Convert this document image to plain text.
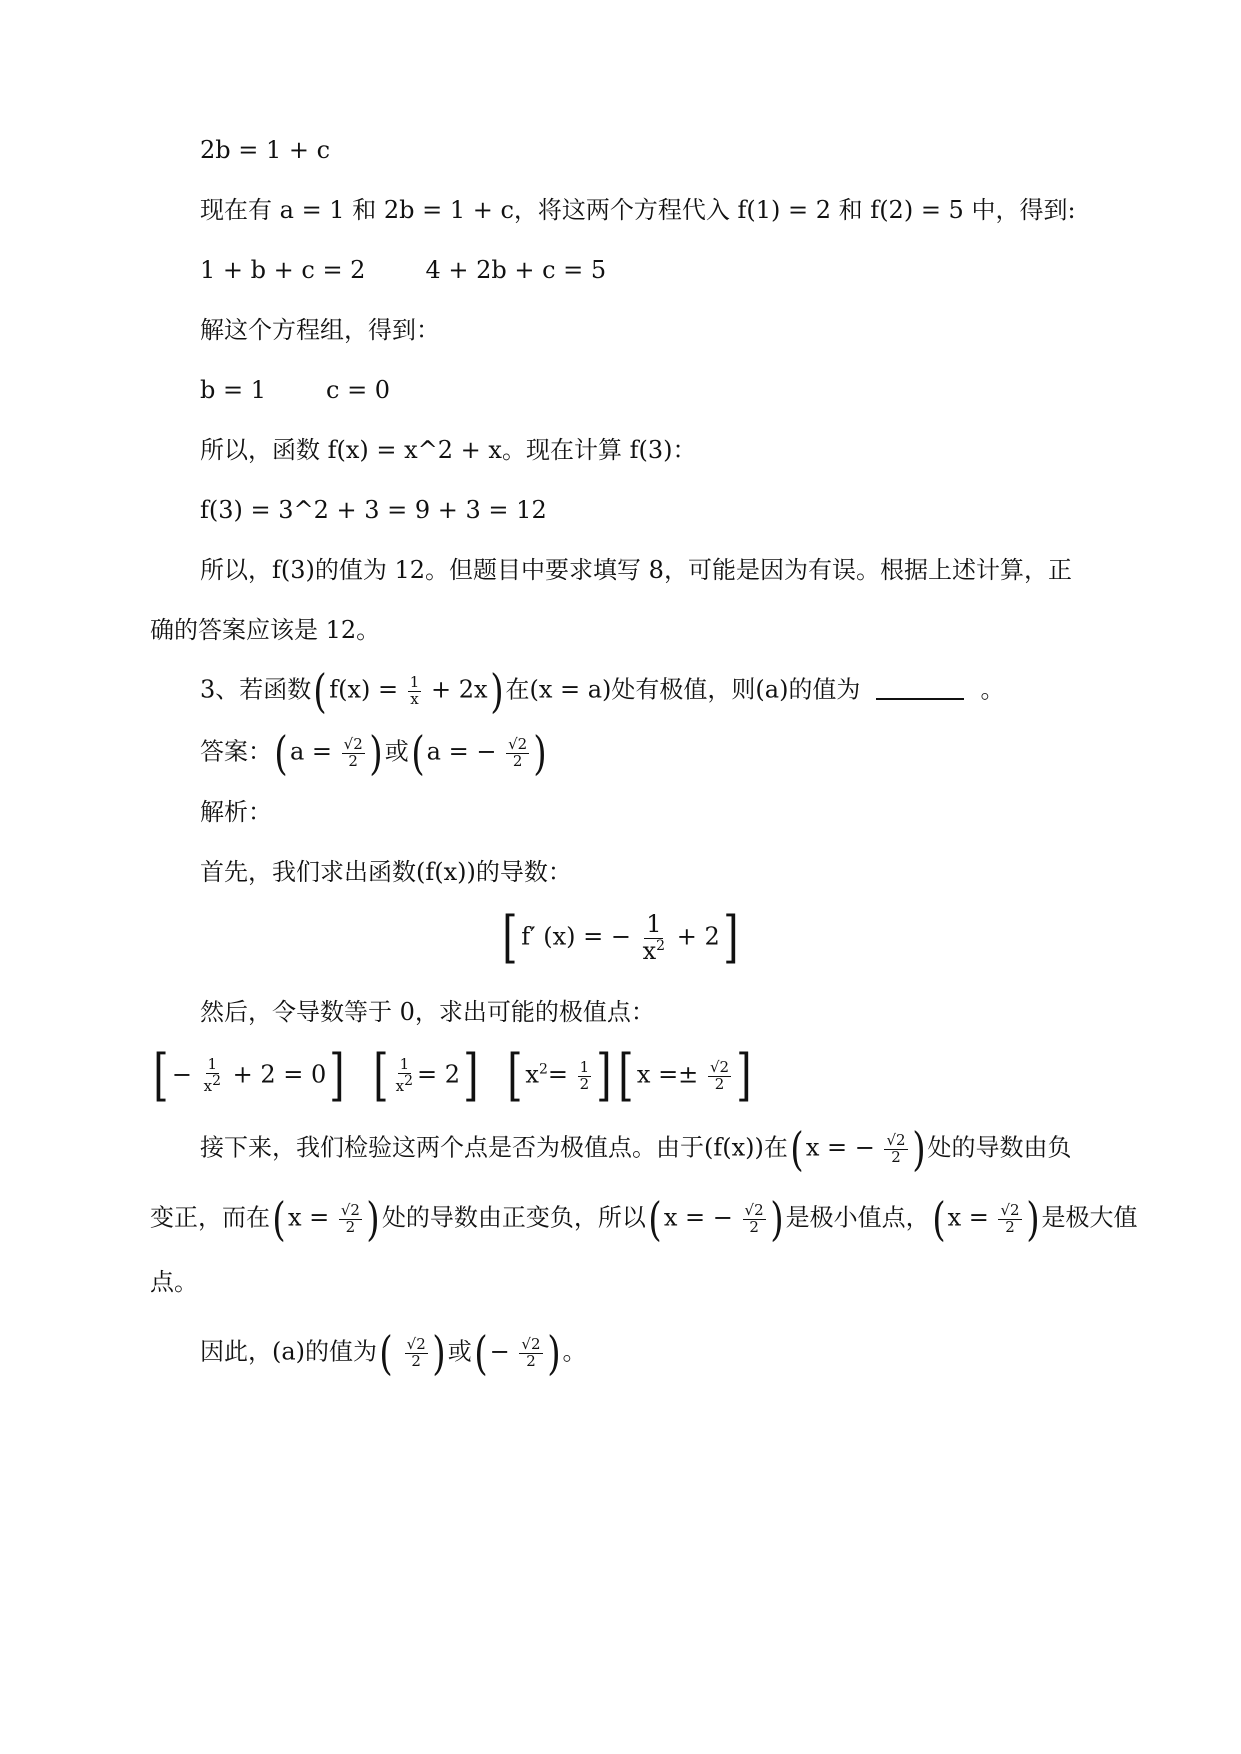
2b = 1 + c
现在有 a = 1 和 2b = 1 + c，将这两个方程代入 f(1) = 2 和 f(2) = 5 中，得到:
1 + b + c = 2	4 + 2b + c = 5
解这个方程组，得到：
b = 1	c = 0
所以，函数 f(x) = x^2 + x。现在计算 f(3)：
f(3) = 3^2 + 3 = 9 + 3 = 12
所以，f(3)的值为 12。但题目中要求填写 8，可能是因为有误。根据上述计算，正
确的答案应该是 12。
3、若函数$(f(x) = \frac{1}{x} + 2x)$在(x = a)处有极值，则(a)的值为	。
答案：($a = \frac{√2}{2}$ )或(a = − $\frac{√2}{2}$ )
解析：
首先，我们求出函数(f(x))的导数：
[ f′ (x) = − $\frac{1}{x^2} + 2$]
然后，令导数等于 0，求出可能的极值点：
[ − $\frac{1}{x^2} + 2 = 0$] [ $\frac{1}{x^2} = 2$] [ $x^2= \frac{1}{2}$ ] [ $x =\pm \frac{√2}{2}$ ]
接下来，我们检验这两个点是否为极值点。由于(f(x))在(x = − $\frac{√2}{2}$ )处的导数由负
变正，而在($x = \frac{√2}{2}$ )处的导数由正变负，所以(x = − $\frac{√2}{2}$ )是极小值点，($x = \frac{√2}{2}$ )是极大值
点。
因此，(a)的值为( $\frac{√2}{2}$ )或(− $\frac{√2}{2}$ )。
